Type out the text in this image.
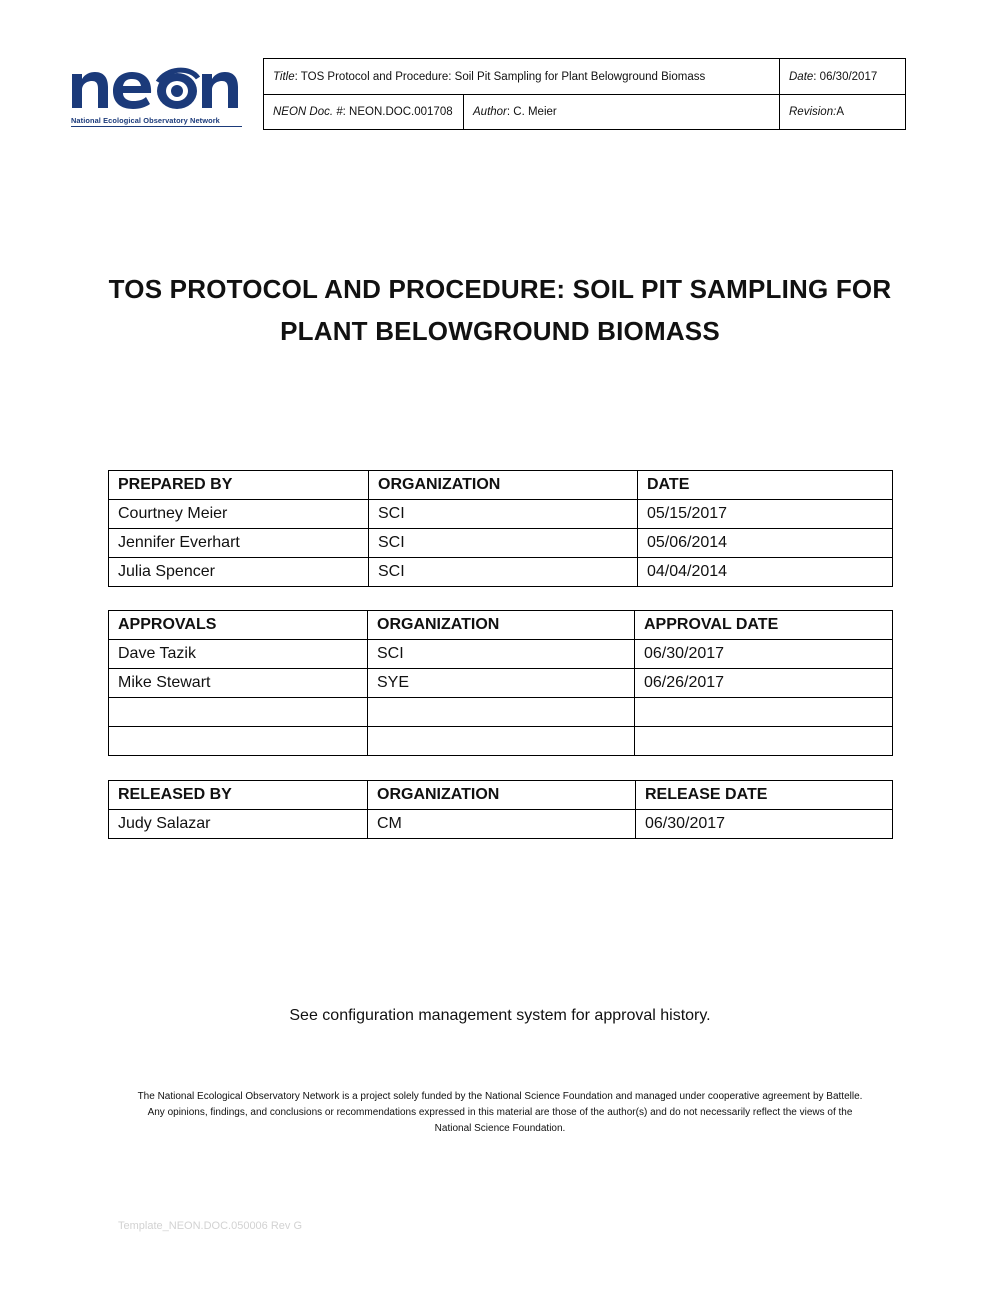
National Ecological Observatory Network
Title : TOS Protocol and Procedure: Soil Pit Sampling for Plant Belowground Biomass	Date : 06/30/2017
NEON Doc. # : NEON.DOC.001708 Author : C. Meier	Revision: A
TOS PROTOCOL AND PROCEDURE: SOIL PIT SAMPLING FOR
PLANT BELOWGROUND BIOMASS
PREPARED BY	ORGANIZATION	DATE
Courtney Meier	SCI	05/15/2017
Jennifer Everhart	SCI	05/06/2014
Julia Spencer	SCI	04/04/2014
APPROVALS	ORGANIZATION	APPROVAL DATE
Dave Tazik	SCI	06/30/2017
Mike Stewart	SYE	06/26/2017

RELEASED BY	ORGANIZATION	RELEASE DATE
Judy Salazar	CM	06/30/2017
See configuration management system for approval history.
The National Ecological Observatory Network is a project solely funded by the National Science Foundation and managed under cooperative agreement by Battelle.
Any opinions, findings, and conclusions or recommendations expressed in this material are those of the author(s) and do not necessarily reflect the views of the
National Science Foundation.
Template_NEON.DOC.050006 Rev G
